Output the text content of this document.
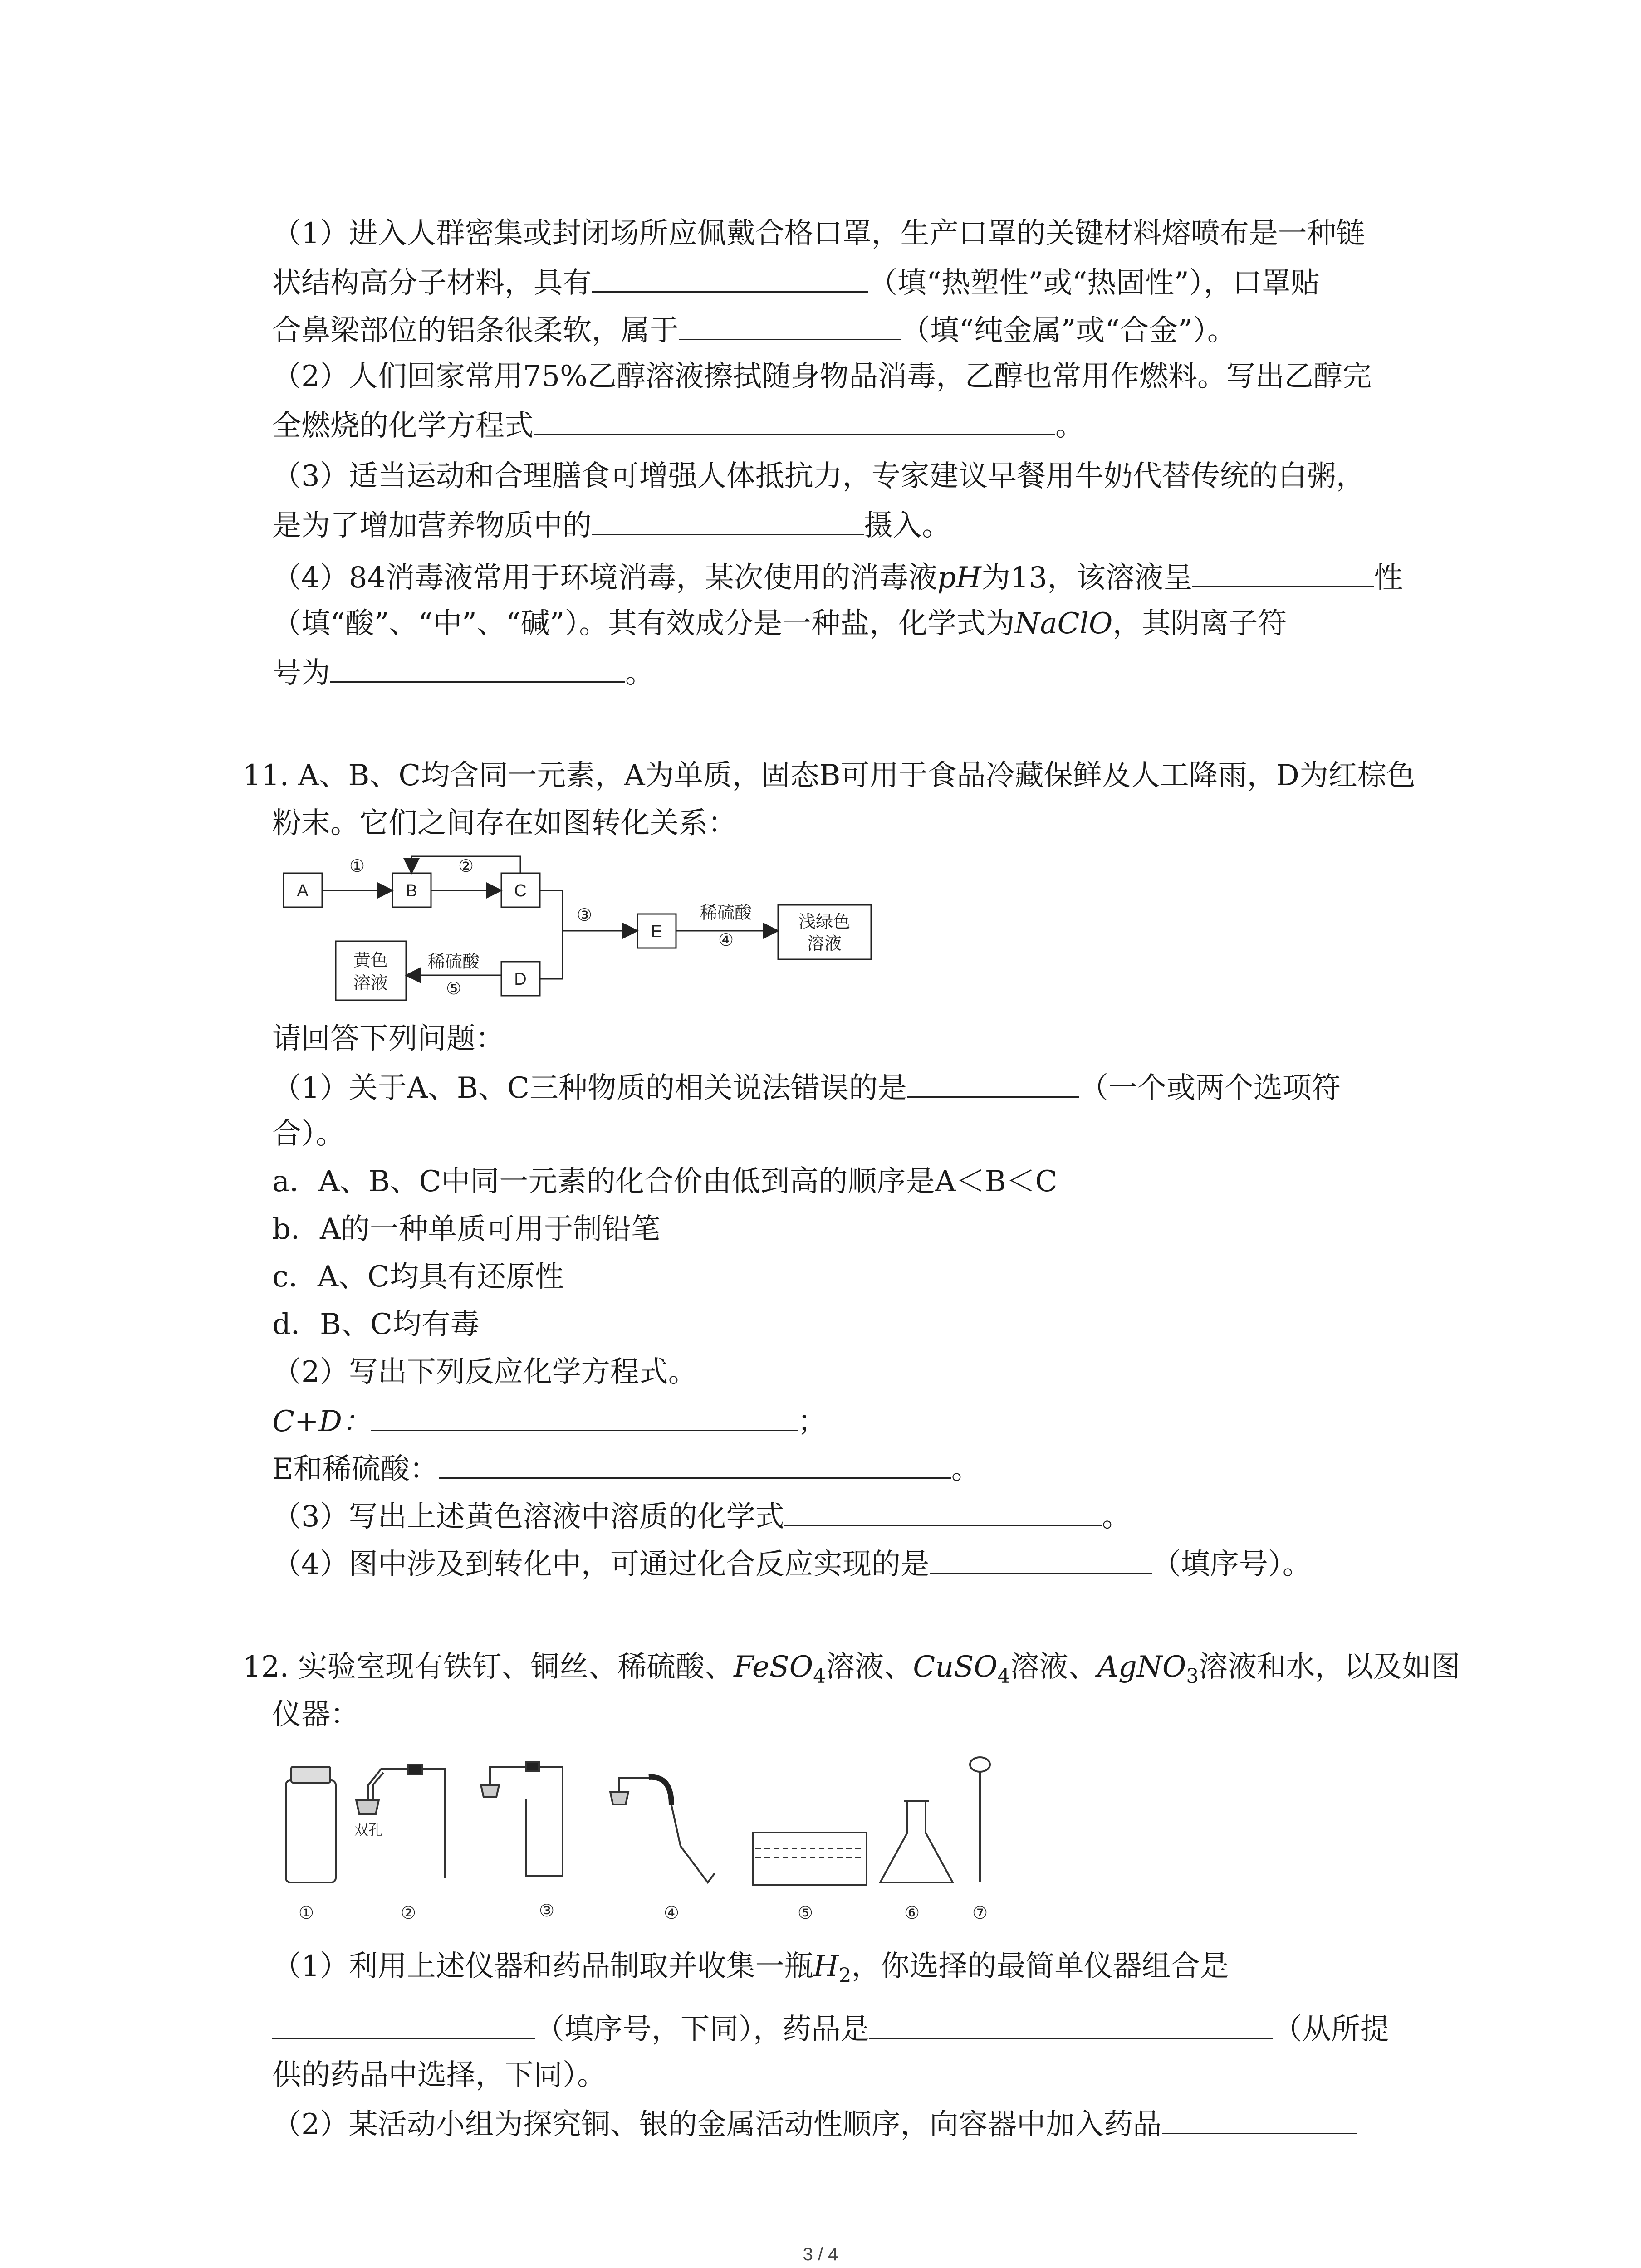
（1）进入人群密集或封闭场所应佩戴合格口罩，生产口罩的关键材料熔喷布是一种链
状结构高分子材料，具有	（填“热塑性”或“热固性”），口罩贴
合鼻梁部位的铝条很柔软，属于	（填“纯金属”或“合金”）。
（2）人们回家常用75%乙醇溶液擦拭随身物品消毒，乙醇也常用作燃料。写出乙醇完
全燃烧的化学方程式	。
（3）适当运动和合理膳食可增强人体抵抗力，专家建议早餐用牛奶代替传统的白粥，
是为了增加营养物质中的	摄入。
（4）84消毒液常用于环境消毒，某次使用的消毒液pH为13，该溶液呈	性
（填“酸”、“中”、“碱”）。其有效成分是一种盐，化学式为NaClO，其阴离子符
号为	。
11. A、B、C均含同一元素，A为单质，固态B可用于食品冷藏保鲜及人工降雨，D为红棕色
粉末。它们之间存在如图转化关系：
A	B	C
E	浅绿色
溶液
D
黄色
溶液
①	②
③	稀硫酸
④
稀硫酸
⑤
请回答下列问题：
（1）关于A、B、C三种物质的相关说法错误的是	（一个或两个选项符
合）。
a．A、B、C中同一元素的化合价由低到高的顺序是A＜B＜C
b．A的一种单质可用于制铅笔
c．A、C均具有还原性
d．B、C均有毒
（2）写出下列反应化学方程式。
C+D：	；
E和稀硫酸：	。
（3）写出上述黄色溶液中溶质的化学式	。
（4）图中涉及到转化中，可通过化合反应实现的是	（填序号）。
12. 实验室现有铁钉、铜丝、稀硫酸、FeSO$_4$溶液、CuSO$_4$溶液、AgNO$_3$溶液和水，以及如图
仪器：
双孔
①	②	③	④	⑤	⑥	⑦
（1）利用上述仪器和药品制取并收集一瓶$H_2$，你选择的最简单仪器组合是
（填序号，下同），药品是	（从所提
供的药品中选择，下同）。
（2）某活动小组为探究铜、银的金属活动性顺序，向容器中加入药品
3 / 4
